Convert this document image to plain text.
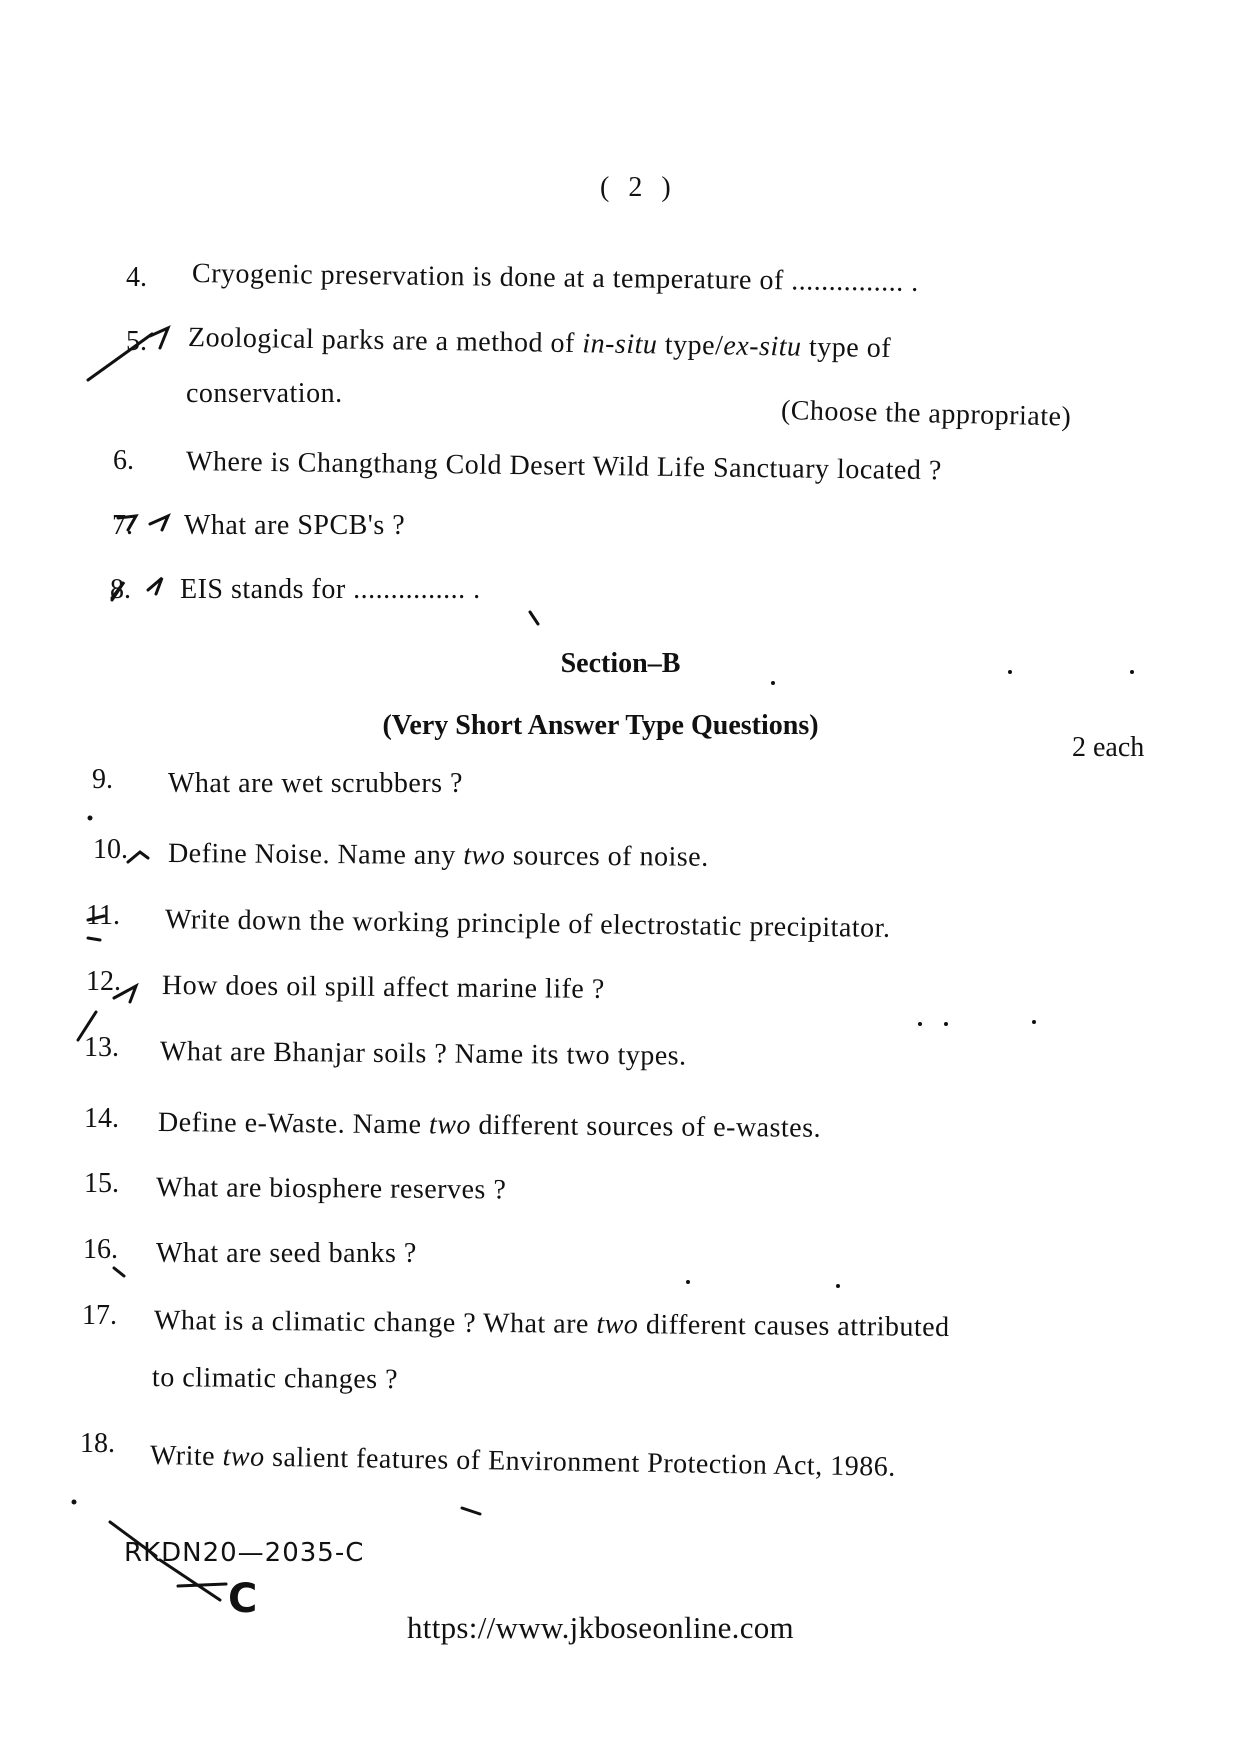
( 2 )
4. Cryogenic preservation is done at a temperature of ............... .
5. Zoological parks are a method of in-situ type/ex-situ type of
conservation.
(Choose the appropriate)
6. Where is Changthang Cold Desert Wild Life Sanctuary located ?
7. What are SPCB's ?
8. EIS stands for ............... .
Section–B
(Very Short Answer Type Questions)
2 each
9. What are wet scrubbers ?
10. Define Noise. Name any two sources of noise.
11. Write down the working principle of electrostatic precipitator.
12. How does oil spill affect marine life ?
13. What are Bhanjar soils ? Name its two types.
14. Define e-Waste. Name two different sources of e-wastes.
15. What are biosphere reserves ?
16. What are seed banks ?
17. What is a climatic change ? What are two different causes attributed
to climatic changes ?
18. Write two salient features of Environment Protection Act, 1986.
RKDN20—2035-C
C
https://www.jkboseonline.com
